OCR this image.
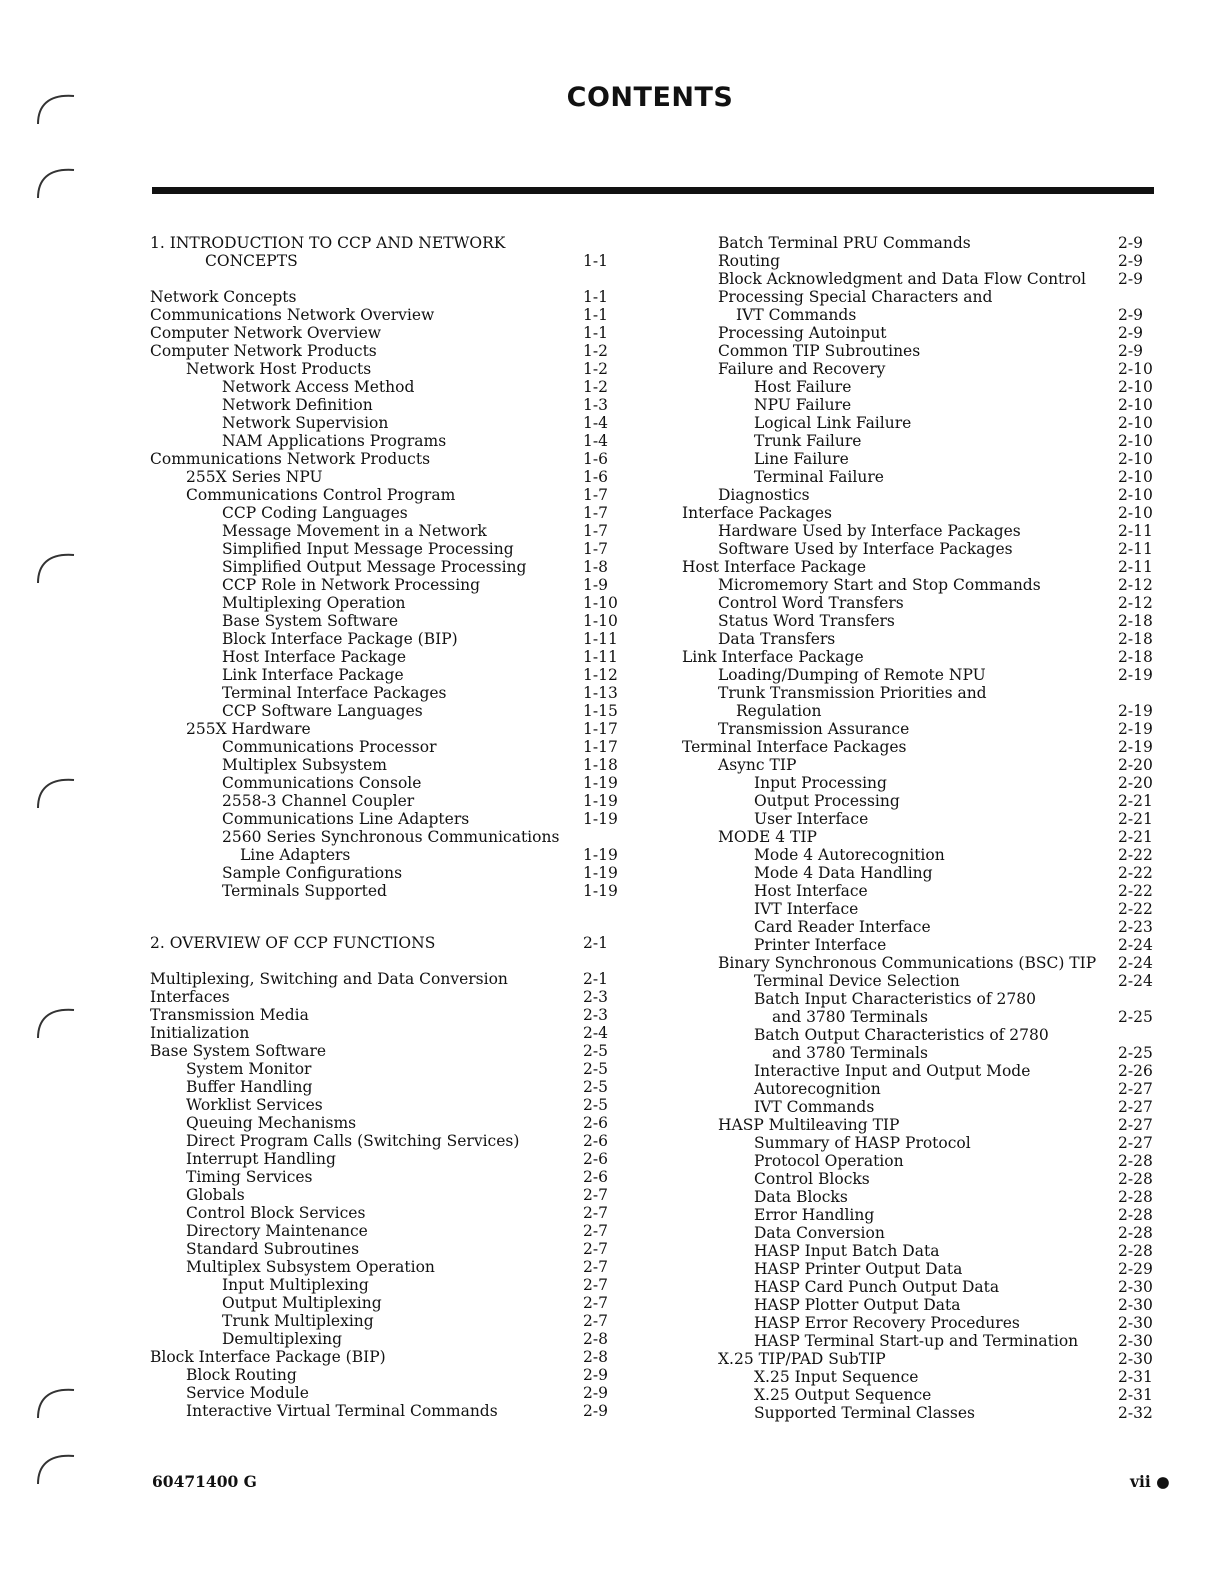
CONTENTS
1. INTRODUCTION TO CCP AND NETWORK
CONCEPTS	1-1
Network Concepts	1-1
Communications Network Overview	1-1
Computer Network Overview	1-1
Computer Network Products	1-2
Network Host Products	1-2
Network Access Method	1-2
Network Definition	1-3
Network Supervision	1-4
NAM Applications Programs	1-4
Communications Network Products	1-6
255X Series NPU	1-6
Communications Control Program	1-7
CCP Coding Languages	1-7
Message Movement in a Network	1-7
Simplified Input Message Processing	1-7
Simplified Output Message Processing	1-8
CCP Role in Network Processing	1-9
Multiplexing Operation	1-10
Base System Software	1-10
Block Interface Package (BIP)	1-11
Host Interface Package	1-11
Link Interface Package	1-12
Terminal Interface Packages	1-13
CCP Software Languages	1-15
255X Hardware	1-17
Communications Processor	1-17
Multiplex Subsystem	1-18
Communications Console	1-19
2558-3 Channel Coupler	1-19
Communications Line Adapters	1-19
2560 Series Synchronous Communications
Line Adapters	1-19
Sample Configurations	1-19
Terminals Supported	1-19
2. OVERVIEW OF CCP FUNCTIONS	2-1
Multiplexing, Switching and Data Conversion	2-1
Interfaces	2-3
Transmission Media	2-3
Initialization	2-4
Base System Software	2-5
System Monitor	2-5
Buffer Handling	2-5
Worklist Services	2-5
Queuing Mechanisms	2-6
Direct Program Calls (Switching Services)	2-6
Interrupt Handling	2-6
Timing Services	2-6
Globals	2-7
Control Block Services	2-7
Directory Maintenance	2-7
Standard Subroutines	2-7
Multiplex Subsystem Operation	2-7
Input Multiplexing	2-7
Output Multiplexing	2-7
Trunk Multiplexing	2-7
Demultiplexing	2-8
Block Interface Package (BIP)	2-8
Block Routing	2-9
Service Module	2-9
Interactive Virtual Terminal Commands	2-9
Batch Terminal PRU Commands	2-9
Routing	2-9
Block Acknowledgment and Data Flow Control 2-9
Processing Special Characters and
IVT Commands	2-9
Processing Autoinput	2-9
Common TIP Subroutines	2-9
Failure and Recovery	2-10
Host Failure	2-10
NPU Failure	2-10
Logical Link Failure	2-10
Trunk Failure	2-10
Line Failure	2-10
Terminal Failure	2-10
Diagnostics	2-10
Interface Packages	2-10
Hardware Used by Interface Packages	2-11
Software Used by Interface Packages	2-11
Host Interface Package	2-11
Micromemory Start and Stop Commands	2-12
Control Word Transfers	2-12
Status Word Transfers	2-18
Data Transfers	2-18
Link Interface Package	2-18
Loading/Dumping of Remote NPU	2-19
Trunk Transmission Priorities and
Regulation	2-19
Transmission Assurance	2-19
Terminal Interface Packages	2-19
Async TIP	2-20
Input Processing	2-20
Output Processing	2-21
User Interface	2-21
MODE 4 TIP	2-21
Mode 4 Autorecognition	2-22
Mode 4 Data Handling	2-22
Host Interface	2-22
IVT Interface	2-22
Card Reader Interface	2-23
Printer Interface	2-24
Binary Synchronous Communications (BSC) TIP 2-24
Terminal Device Selection	2-24
Batch Input Characteristics of 2780
and 3780 Terminals	2-25
Batch Output Characteristics of 2780
and 3780 Terminals	2-25
Interactive Input and Output Mode	2-26
Autorecognition	2-27
IVT Commands	2-27
HASP Multileaving TIP	2-27
Summary of HASP Protocol	2-27
Protocol Operation	2-28
Control Blocks	2-28
Data Blocks	2-28
Error Handling	2-28
Data Conversion	2-28
HASP Input Batch Data	2-28
HASP Printer Output Data	2-29
HASP Card Punch Output Data	2-30
HASP Plotter Output Data	2-30
HASP Error Recovery Procedures	2-30
HASP Terminal Start-up and Termination	2-30
X.25 TIP/PAD SubTIP	2-30
X.25 Input Sequence	2-31
X.25 Output Sequence	2-31
Supported Terminal Classes	2-32
60471400 G	vii ●
